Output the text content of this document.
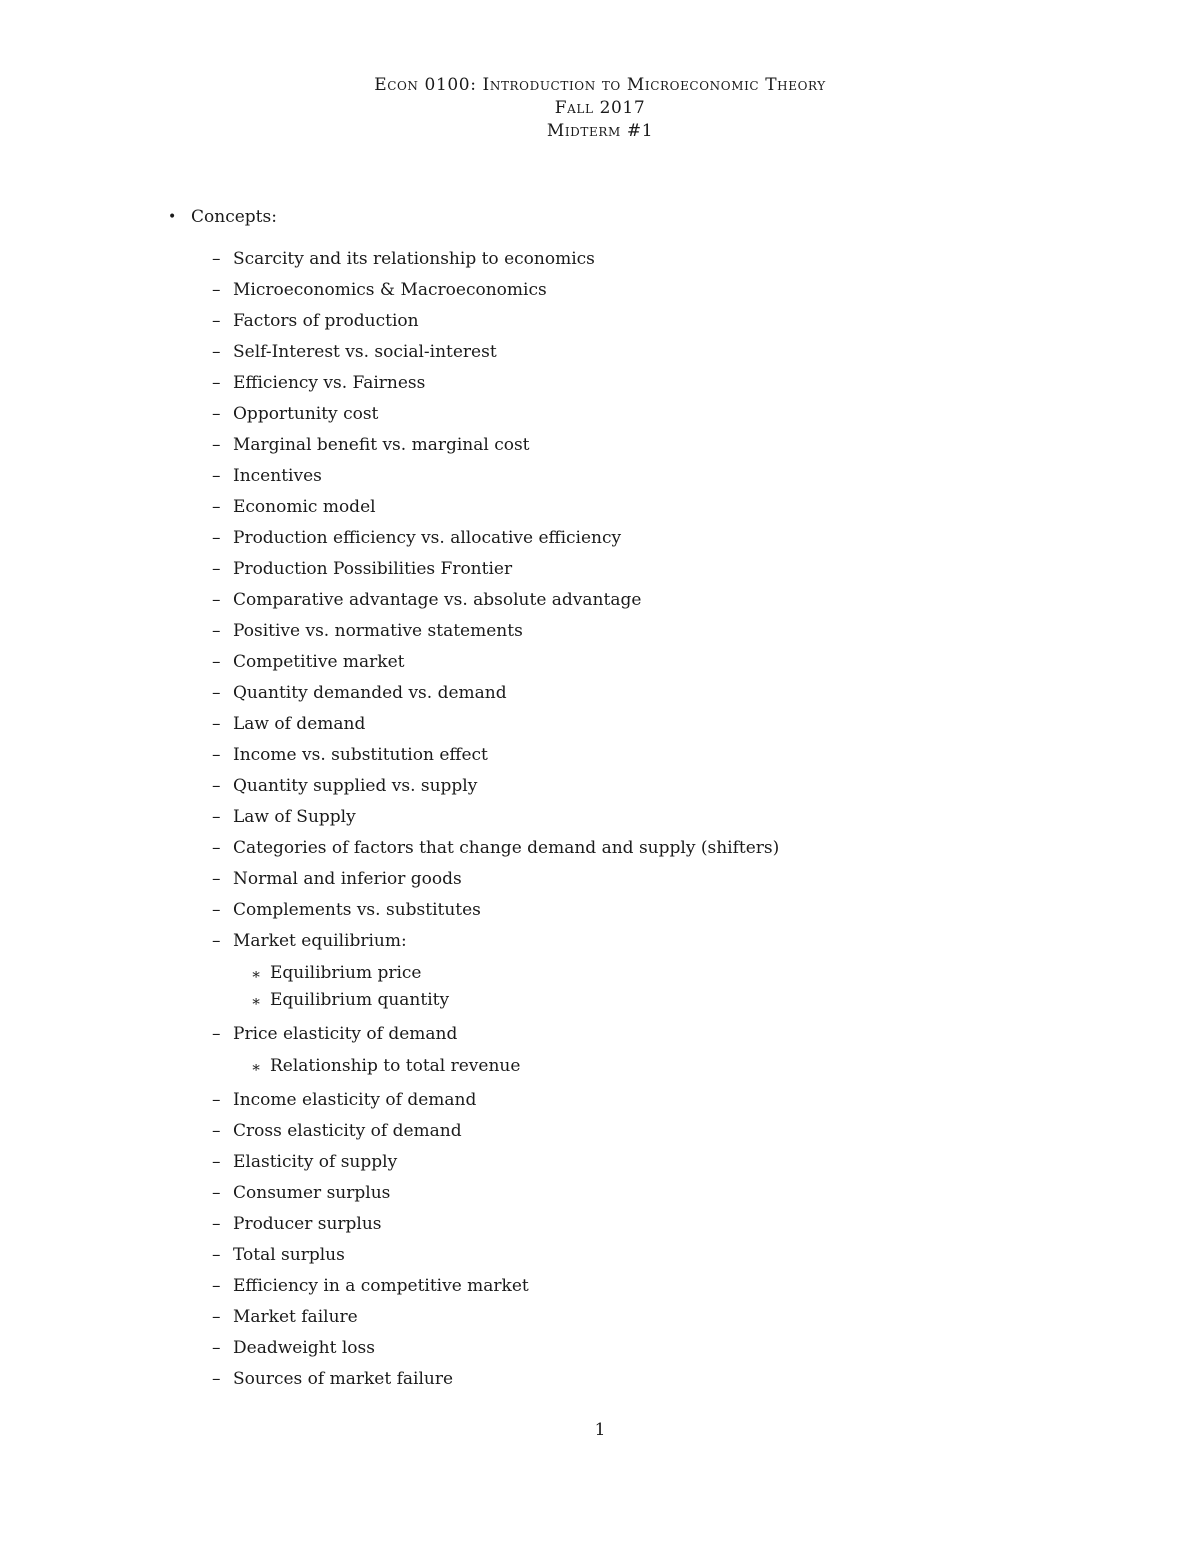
Econ 0100: Introduction to Microeconomic Theory
Fall 2017
Midterm #1
• Concepts:
– Scarcity and its relationship to economics
– Microeconomics & Macroeconomics
– Factors of production
– Self-Interest vs. social-interest
– Efficiency vs. Fairness
– Opportunity cost
– Marginal benefit vs. marginal cost
– Incentives
– Economic model
– Production efficiency vs. allocative efficiency
– Production Possibilities Frontier
– Comparative advantage vs. absolute advantage
– Positive vs. normative statements
– Competitive market
– Quantity demanded vs. demand
– Law of demand
– Income vs. substitution effect
– Quantity supplied vs. supply
– Law of Supply
– Categories of factors that change demand and supply (shifters)
– Normal and inferior goods
– Complements vs. substitutes
– Market equilibrium:
∗ Equilibrium price
∗ Equilibrium quantity
– Price elasticity of demand
∗ Relationship to total revenue
– Income elasticity of demand
– Cross elasticity of demand
– Elasticity of supply
– Consumer surplus
– Producer surplus
– Total surplus
– Efficiency in a competitive market
– Market failure
– Deadweight loss
– Sources of market failure
1
